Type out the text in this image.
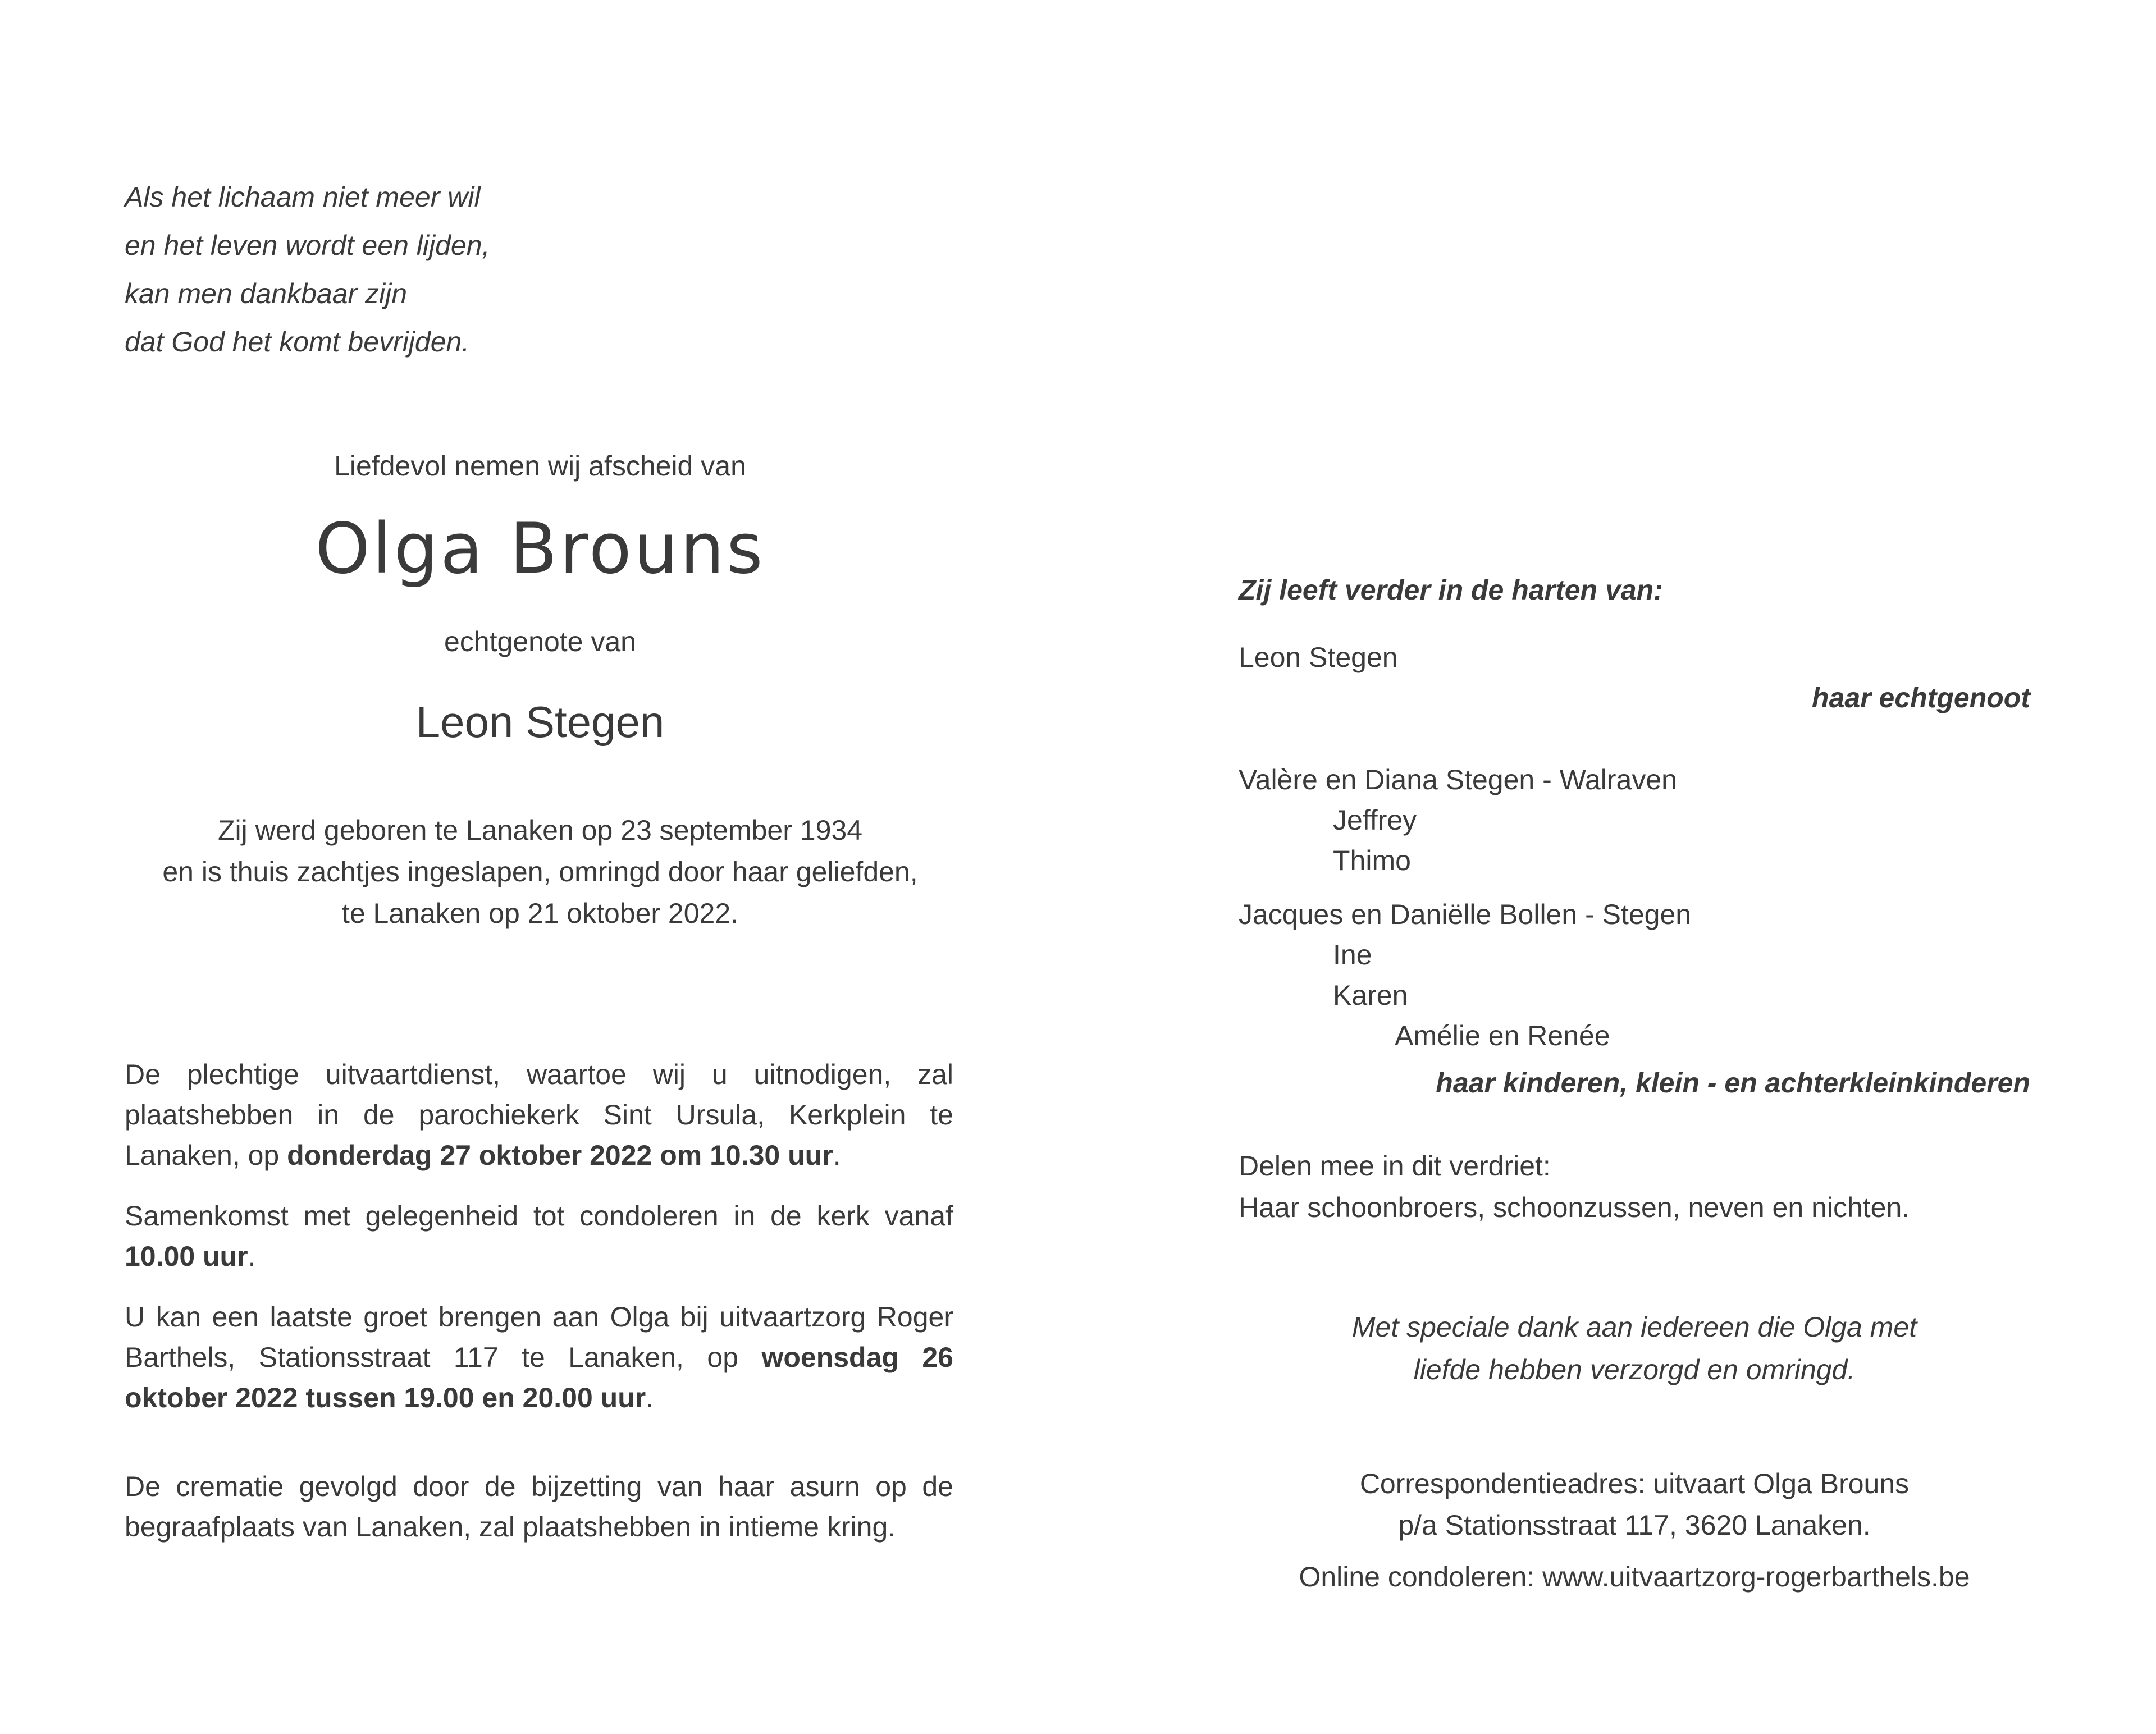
Als het lichaam niet meer wil
en het leven wordt een lijden,
kan men dankbaar zijn
dat God het komt bevrijden.
Liefdevol nemen wij afscheid van
Olga Brouns
echtgenote van
Leon Stegen
Zij werd geboren te Lanaken op 23 september 1934
en is thuis zachtjes ingeslapen, omringd door haar geliefden,
te Lanaken op 21 oktober 2022.
De plechtige uitvaartdienst, waartoe wij u uitnodigen, zal plaatshebben in de parochiekerk Sint Ursula, Kerkplein te Lanaken, op donderdag 27 oktober 2022 om 10.30 uur.
Samenkomst met gelegenheid tot condoleren in de kerk vanaf 10.00 uur.
U kan een laatste groet brengen aan Olga bij uitvaartzorg Roger Barthels, Stationsstraat 117 te Lanaken, op woensdag 26 oktober 2022 tussen 19.00 en 20.00 uur.
De crematie gevolgd door de bijzetting van haar asurn op de begraafplaats van Lanaken, zal plaatshebben in intieme kring.
Zij leeft verder in de harten van:
Leon Stegen
haar echtgenoot
Valère en Diana Stegen - Walraven
Jeffrey
Thimo
Jacques en Daniëlle Bollen - Stegen
Ine
Karen
Amélie en Renée
haar kinderen, klein - en achterkleinkinderen
Delen mee in dit verdriet:
Haar schoonbroers, schoonzussen, neven en nichten.
Met speciale dank aan iedereen die Olga met
liefde hebben verzorgd en omringd.
Correspondentieadres: uitvaart Olga Brouns
p/a Stationsstraat 117, 3620 Lanaken.
Online condoleren: www.uitvaartzorg-rogerbarthels.be
